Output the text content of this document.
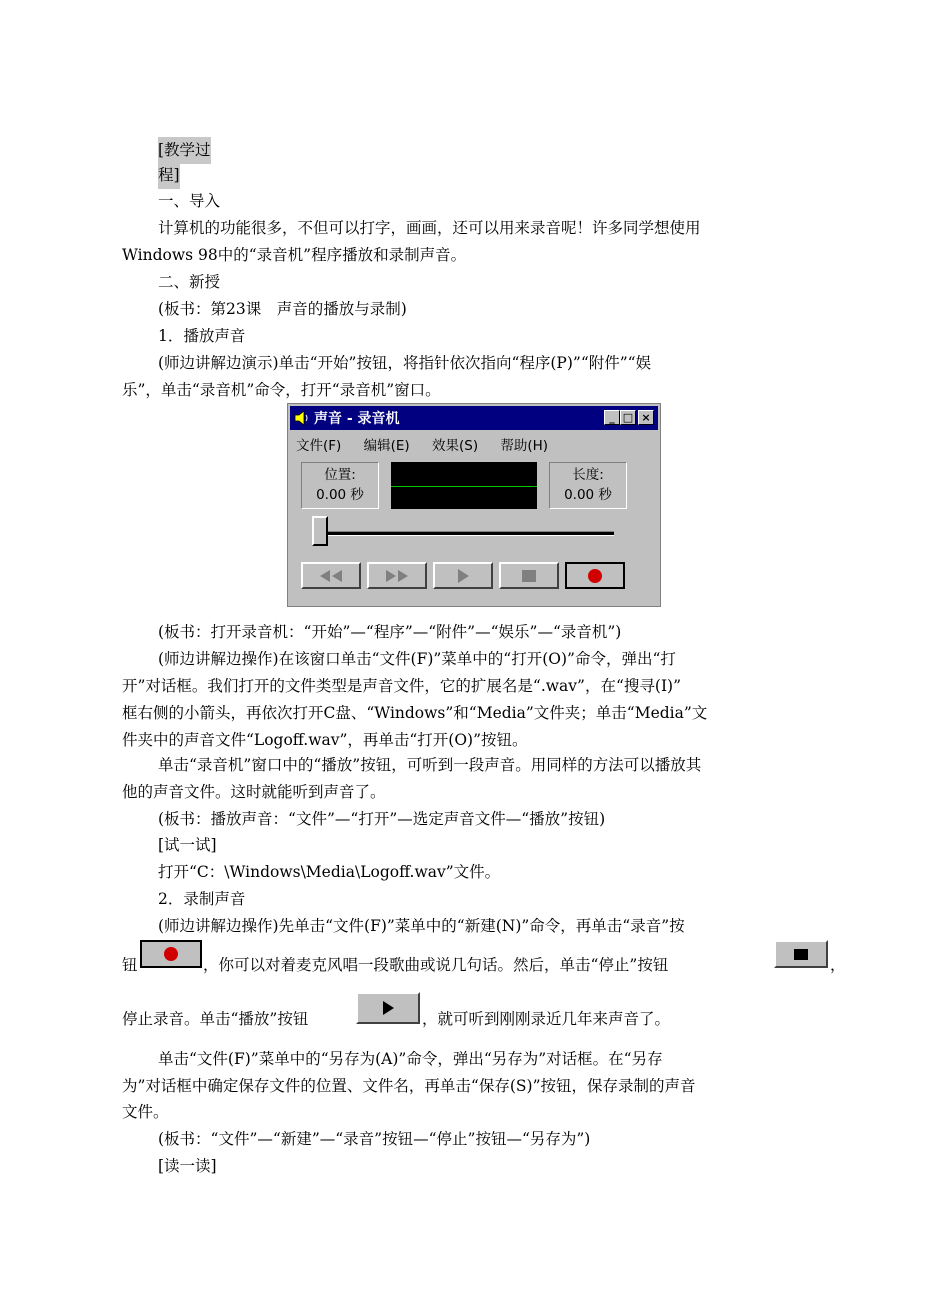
[教学过
程]
一、导入
计算机的功能很多，不但可以打字，画画，还可以用来录音呢！许多同学想使用
Windows 98中的“录音机”程序播放和录制声音。
二、新授
(板书：第23课　声音的播放与录制)
1．播放声音
(师边讲解边演示)单击“开始”按钮，将指针依次指向“程序(P)”“附件”“娱
乐”，单击“录音机”命令，打开“录音机”窗口。
声音 - 录音机	_ □ ×
文件(F) 编辑(E) 效果(S) 帮助(H)
位置:
0.00 秒
长度:
0.00 秒
(板书：打开录音机：“开始”—“程序”—“附件”—“娱乐”—“录音机”)
(师边讲解边操作)在该窗口单击“文件(F)”菜单中的“打开(O)”命令，弹出“打
开”对话框。我们打开的文件类型是声音文件，它的扩展名是“.wav”，在“搜寻(I)”
框右侧的小箭头，再依次打开C盘、“Windows”和“Media”文件夹；单击“Media”文
件夹中的声音文件“Logoff.wav”，再单击“打开(O)”按钮。
单击“录音机”窗口中的“播放”按钮，可听到一段声音。用同样的方法可以播放其
他的声音文件。这时就能听到声音了。
(板书：播放声音：“文件”—“打开”—选定声音文件—“播放”按钮)
[试一试]
打开“C：\Windows\Media\Logoff.wav”文件。
2．录制声音
(师边讲解边操作)先单击“文件(F)”菜单中的“新建(N)”命令，再单击“录音”按
钮	，你可以对着麦克风唱一段歌曲或说几句话。然后，单击“停止”按钮	，
停止录音。单击“播放”按钮	，就可听到刚刚录近几年来声音了。
单击“文件(F)”菜单中的“另存为(A)”命令，弹出“另存为”对话框。在“另存
为”对话框中确定保存文件的位置、文件名，再单击“保存(S)”按钮，保存录制的声音
文件。
(板书：“文件”—“新建”—“录音”按钮—“停止”按钮—“另存为”)
[读一读]
